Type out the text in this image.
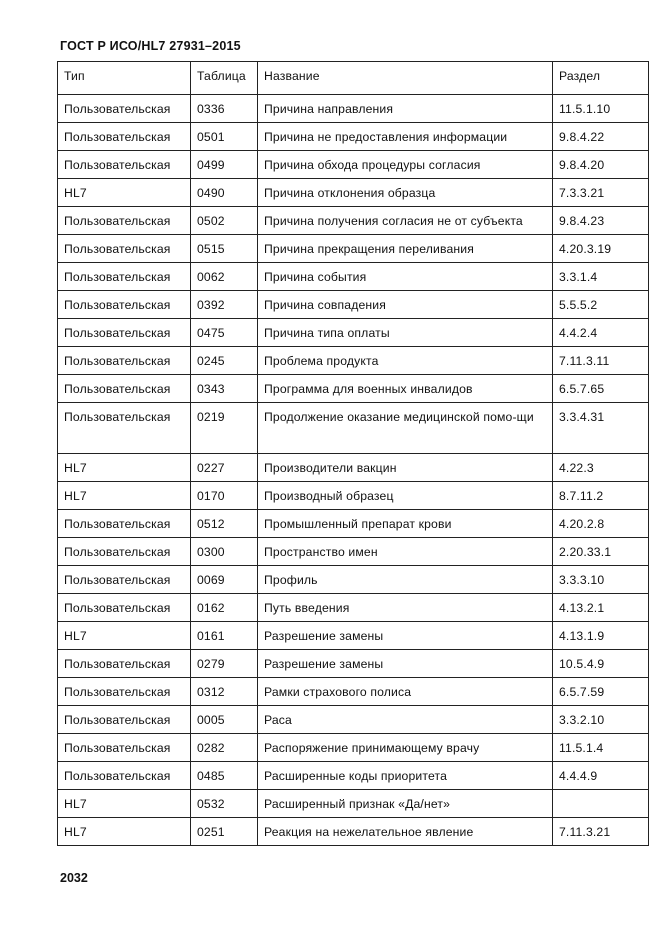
ГОСТ Р ИСО/HL7 27931–2015
Тип	Таблица	Название	Раздел
Пользовательская	0336	Причина направления	11.5.1.10
Пользовательская	0501	Причина не предоставления информации	9.8.4.22
Пользовательская	0499	Причина обхода процедуры согласия	9.8.4.20
HL7	0490	Причина отклонения образца	7.3.3.21
Пользовательская	0502	Причина получения согласия не от субъекта	9.8.4.23
Пользовательская	0515	Причина прекращения переливания	4.20.3.19
Пользовательская	0062	Причина события	3.3.1.4
Пользовательская	0392	Причина совпадения	5.5.5.2
Пользовательская	0475	Причина типа оплаты	4.4.2.4
Пользовательская	0245	Проблема продукта	7.11.3.11
Пользовательская	0343	Программа для военных инвалидов	6.5.7.65
Пользовательская	0219	Продолжение оказание медицинской помо-щи	3.3.4.31
HL7	0227	Производители вакцин	4.22.3
HL7	0170	Производный образец	8.7.11.2
Пользовательская	0512	Промышленный препарат крови	4.20.2.8
Пользовательская	0300	Пространство имен	2.20.33.1
Пользовательская	0069	Профиль	3.3.3.10
Пользовательская	0162	Путь введения	4.13.2.1
HL7	0161	Разрешение замены	4.13.1.9
Пользовательская	0279	Разрешение замены	10.5.4.9
Пользовательская	0312	Рамки страхового полиса	6.5.7.59
Пользовательская	0005	Раса	3.3.2.10
Пользовательская	0282	Распоряжение принимающему врачу	11.5.1.4
Пользовательская	0485	Расширенные коды приоритета	4.4.4.9
HL7	0532	Расширенный признак «Да/нет»	
HL7	0251	Реакция на нежелательное явление	7.11.3.21
2032
